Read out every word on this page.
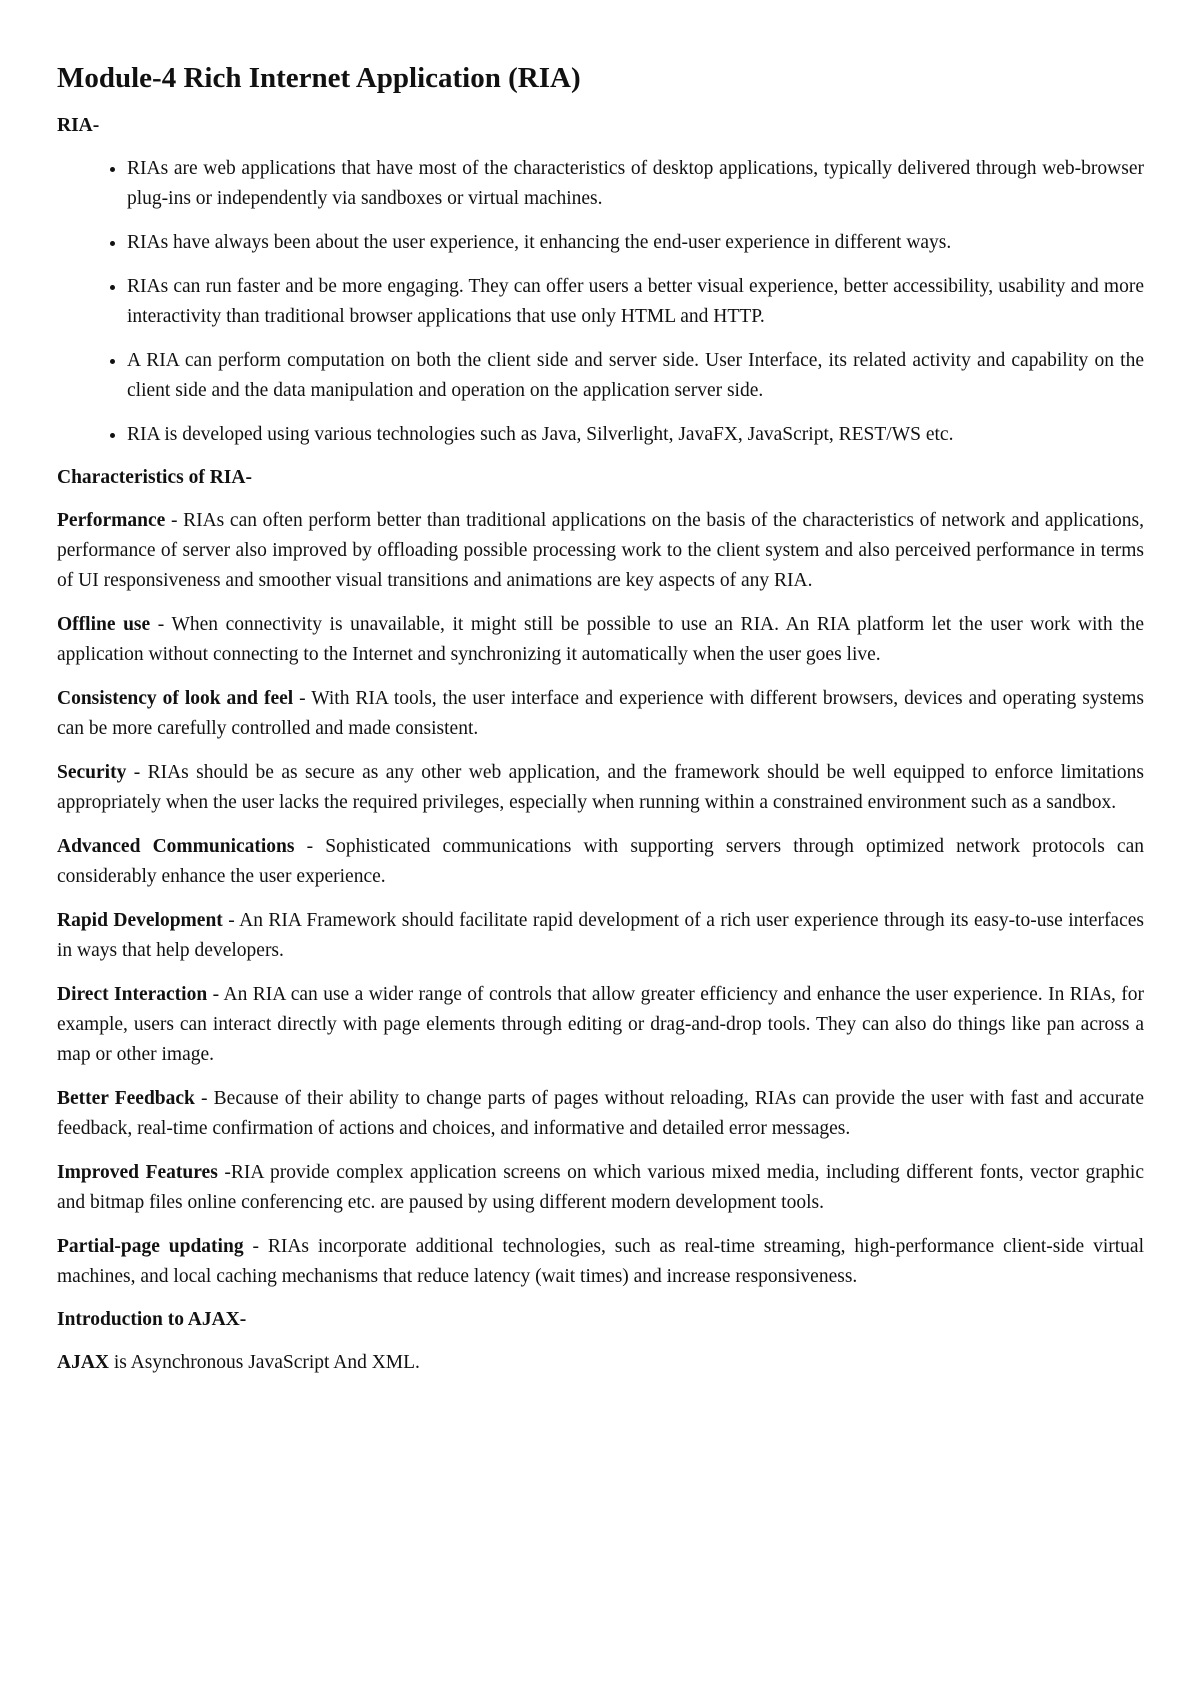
Module-4 Rich Internet Application (RIA)

RIA-

• RIAs are web applications that have most of the characteristics of desktop applications, typically delivered through web-browser plug-ins or independently via sandboxes or virtual machines.
• RIAs have always been about the user experience, it enhancing the end-user experience in different ways.
• RIAs can run faster and be more engaging. They can offer users a better visual experience, better accessibility, usability and more interactivity than traditional browser applications that use only HTML and HTTP.
• A RIA can perform computation on both the client side and server side. User Interface, its related activity and capability on the client side and the data manipulation and operation on the application server side.
• RIA is developed using various technologies such as Java, Silverlight, JavaFX, JavaScript, REST/WS etc.

Characteristics of RIA-

Performance - RIAs can often perform better than traditional applications on the basis of the characteristics of network and applications, performance of server also improved by offloading possible processing work to the client system and also perceived performance in terms of UI responsiveness and smoother visual transitions and animations are key aspects of any RIA.

Offline use - When connectivity is unavailable, it might still be possible to use an RIA. An RIA platform let the user work with the application without connecting to the Internet and synchronizing it automatically when the user goes live.

Consistency of look and feel - With RIA tools, the user interface and experience with different browsers, devices and operating systems can be more carefully controlled and made consistent.

Security - RIAs should be as secure as any other web application, and the framework should be well equipped to enforce limitations appropriately when the user lacks the required privileges, especially when running within a constrained environment such as a sandbox.

Advanced Communications - Sophisticated communications with supporting servers through optimized network protocols can considerably enhance the user experience.

Rapid Development - An RIA Framework should facilitate rapid development of a rich user experience through its easy-to-use interfaces in ways that help developers.

Direct Interaction - An RIA can use a wider range of controls that allow greater efficiency and enhance the user experience. In RIAs, for example, users can interact directly with page elements through editing or drag-and-drop tools. They can also do things like pan across a map or other image.

Better Feedback - Because of their ability to change parts of pages without reloading, RIAs can provide the user with fast and accurate feedback, real-time confirmation of actions and choices, and informative and detailed error messages.

Improved Features -RIA provide complex application screens on which various mixed media, including different fonts, vector graphic and bitmap files online conferencing etc. are paused by using different modern development tools.

Partial-page updating - RIAs incorporate additional technologies, such as real-time streaming, high-performance client-side virtual machines, and local caching mechanisms that reduce latency (wait times) and increase responsiveness.

Introduction to AJAX-

AJAX is Asynchronous JavaScript And XML.
